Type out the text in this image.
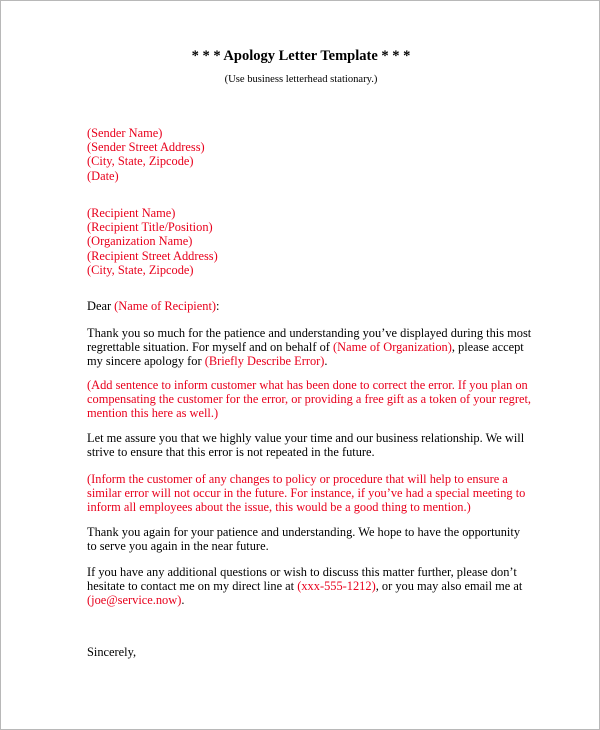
* * * Apology Letter Template * * *
(Use business letterhead stationary.)
(Sender Name)
(Sender Street Address)
(City, State, Zipcode)
(Date)
(Recipient Name)
(Recipient Title/Position)
(Organization Name)
(Recipient Street Address)
(City, State, Zipcode)
Dear (Name of Recipient):
Thank you so much for the patience and understanding you’ve displayed during this most
regrettable situation. For myself and on behalf of (Name of Organization), please accept
my sincere apology for (Briefly Describe Error).
(Add sentence to inform customer what has been done to correct the error. If you plan on
compensating the customer for the error, or providing a free gift as a token of your regret,
mention this here as well.)
Let me assure you that we highly value your time and our business relationship. We will
strive to ensure that this error is not repeated in the future.
(Inform the customer of any changes to policy or procedure that will help to ensure a
similar error will not occur in the future. For instance, if you’ve had a special meeting to
inform all employees about the issue, this would be a good thing to mention.)
Thank you again for your patience and understanding. We hope to have the opportunity
to serve you again in the near future.
If you have any additional questions or wish to discuss this matter further, please don’t
hesitate to contact me on my direct line at (xxx-555-1212), or you may also email me at
(joe@service.now).
Sincerely,
